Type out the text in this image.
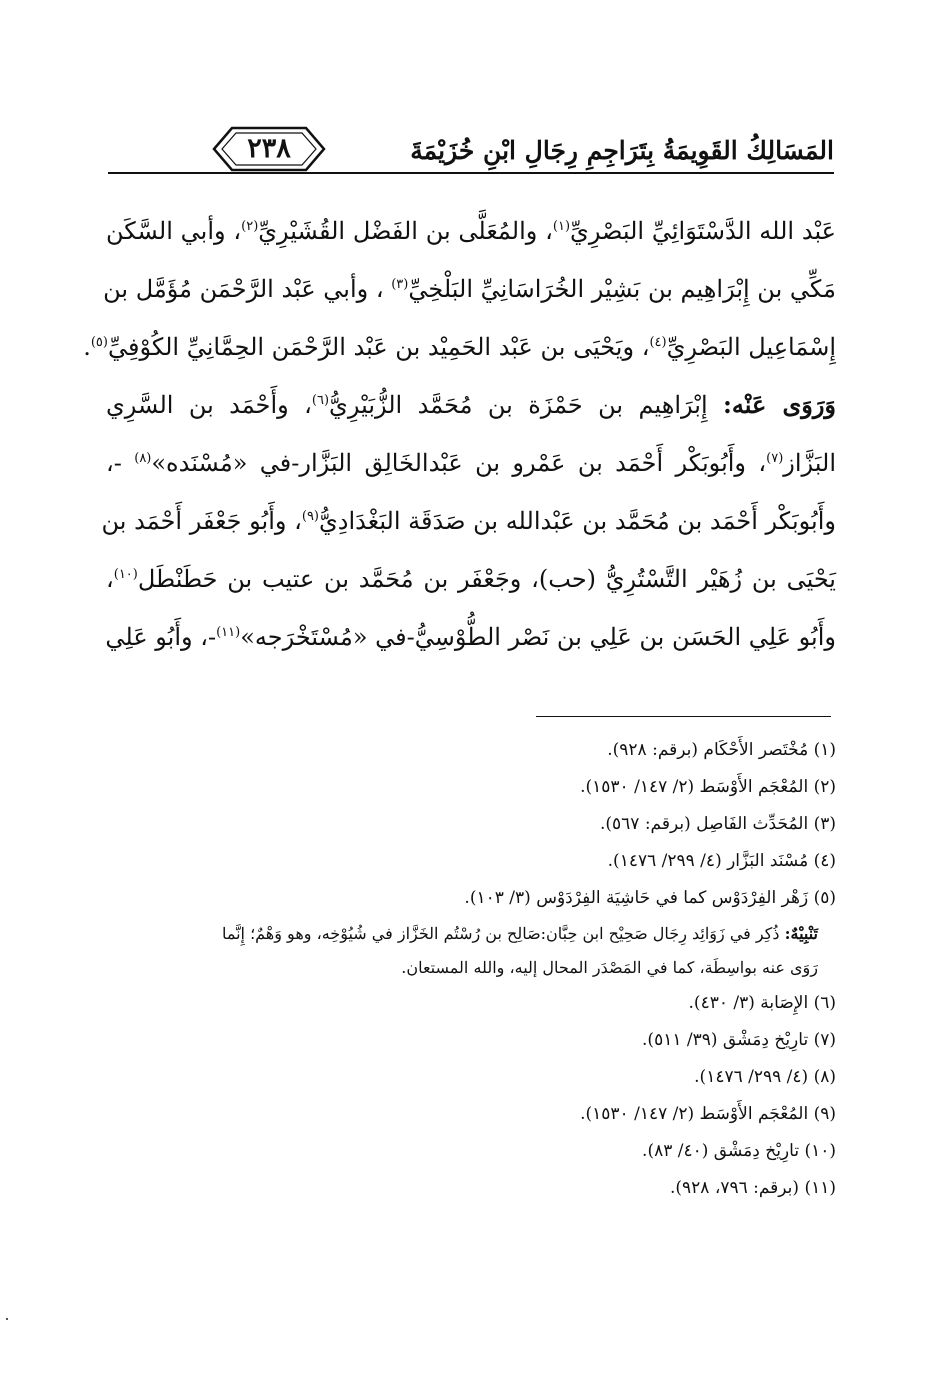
المَسَالِكُ القَوِيمَةُ بِتَرَاجِمِ رِجَالِ ابْنِ خُزَيْمَةَ
٢٣٨
عَبْد الله الدَّسْتَوَائِيِّ البَصْرِيِّ$^{(١)}$، والمُعَلَّى بن الفَضْل القُشَيْرِيِّ$^{(٢)}$، وأبي السَّكَن
مَكِّي بن إِبْرَاهِيم بن بَشِيْر الخُرَاسَانِيِّ البَلْخِيِّ$^{(٣)}$ ، وأبي عَبْد الرَّحْمَن مُؤَمَّل بن
إِسْمَاعِيل البَصْرِيِّ$^{(٤)}$، ويَحْيَى بن عَبْد الحَمِيْد بن عَبْد الرَّحْمَن الحِمَّانِيِّ الكُوْفِيِّ$^{(٥)}$.
وَرَوَى عَنْه: إِبْرَاهِيم بن حَمْزَة بن مُحَمَّد الزُّبَيْرِيُّ$^{(٦)}$، وأَحْمَد بن السَّرِي
البَزَّاز$^{(٧)}$، وأَبُوبَكْر أَحْمَد بن عَمْرو بن عَبْدالخَالِق البَزَّار-في «مُسْنَده»$^{(٨)}$ -،
وأَبُوبَكْر أَحْمَد بن مُحَمَّد بن عَبْدالله بن صَدَقَة البَغْدَادِيُّ$^{(٩)}$، وأَبُو جَعْفَر أَحْمَد بن
يَحْيَى بن زُهَيْر التَّسْتُرِيُّ (حب)، وجَعْفَر بن مُحَمَّد بن عتيب بن حَطَنْطَل$^{(١٠)}$،
وأَبُو عَلِي الحَسَن بن عَلِي بن نَصْر الطُّوْسِيُّ-في «مُسْتَخْرَجه»$^{(١١)}$-، وأَبُو عَلِي
(١) مُخْتَصر الأَحْكَام (برقم: ٩٢٨).
(٢) المُعْجَم الأَوْسَط (٢/ ١٤٧/ ١٥٣٠).
(٣) المُحَدِّث الفَاصِل (برقم: ٥٦٧).
(٤) مُسْنَد البَزَّار (٤/ ٢٩٩/ ١٤٧٦).
(٥) زَهْر الفِرْدَوْس كما في حَاشِيَة الفِرْدَوْس (٣/ ١٠٣).
تَنْبِيْهٌ: ذُكِر في زَوَائِد رِجَال صَحِيْح ابن حِبَّان:صَالِح بن رُسْتُم الخَزَّاز في شُيُوْخِه، وهو وَهْمٌ؛ إِنَّما
رَوَى عنه بواسِطَة، كما في المَصْدَر المحال إليه، والله المستعان.
(٦) الإِصَابة (٣/ ٤٣٠).
(٧) تارِيْخ دِمَشْق (٣٩/ ٥١١).
(٨) (٤/ ٢٩٩/ ١٤٧٦).
(٩) المُعْجَم الأَوْسَط (٢/ ١٤٧/ ١٥٣٠).
(١٠) تارِيْخ دِمَشْق (٤٠/ ٨٣).
(١١) (برقم: ٧٩٦، ٩٢٨).
